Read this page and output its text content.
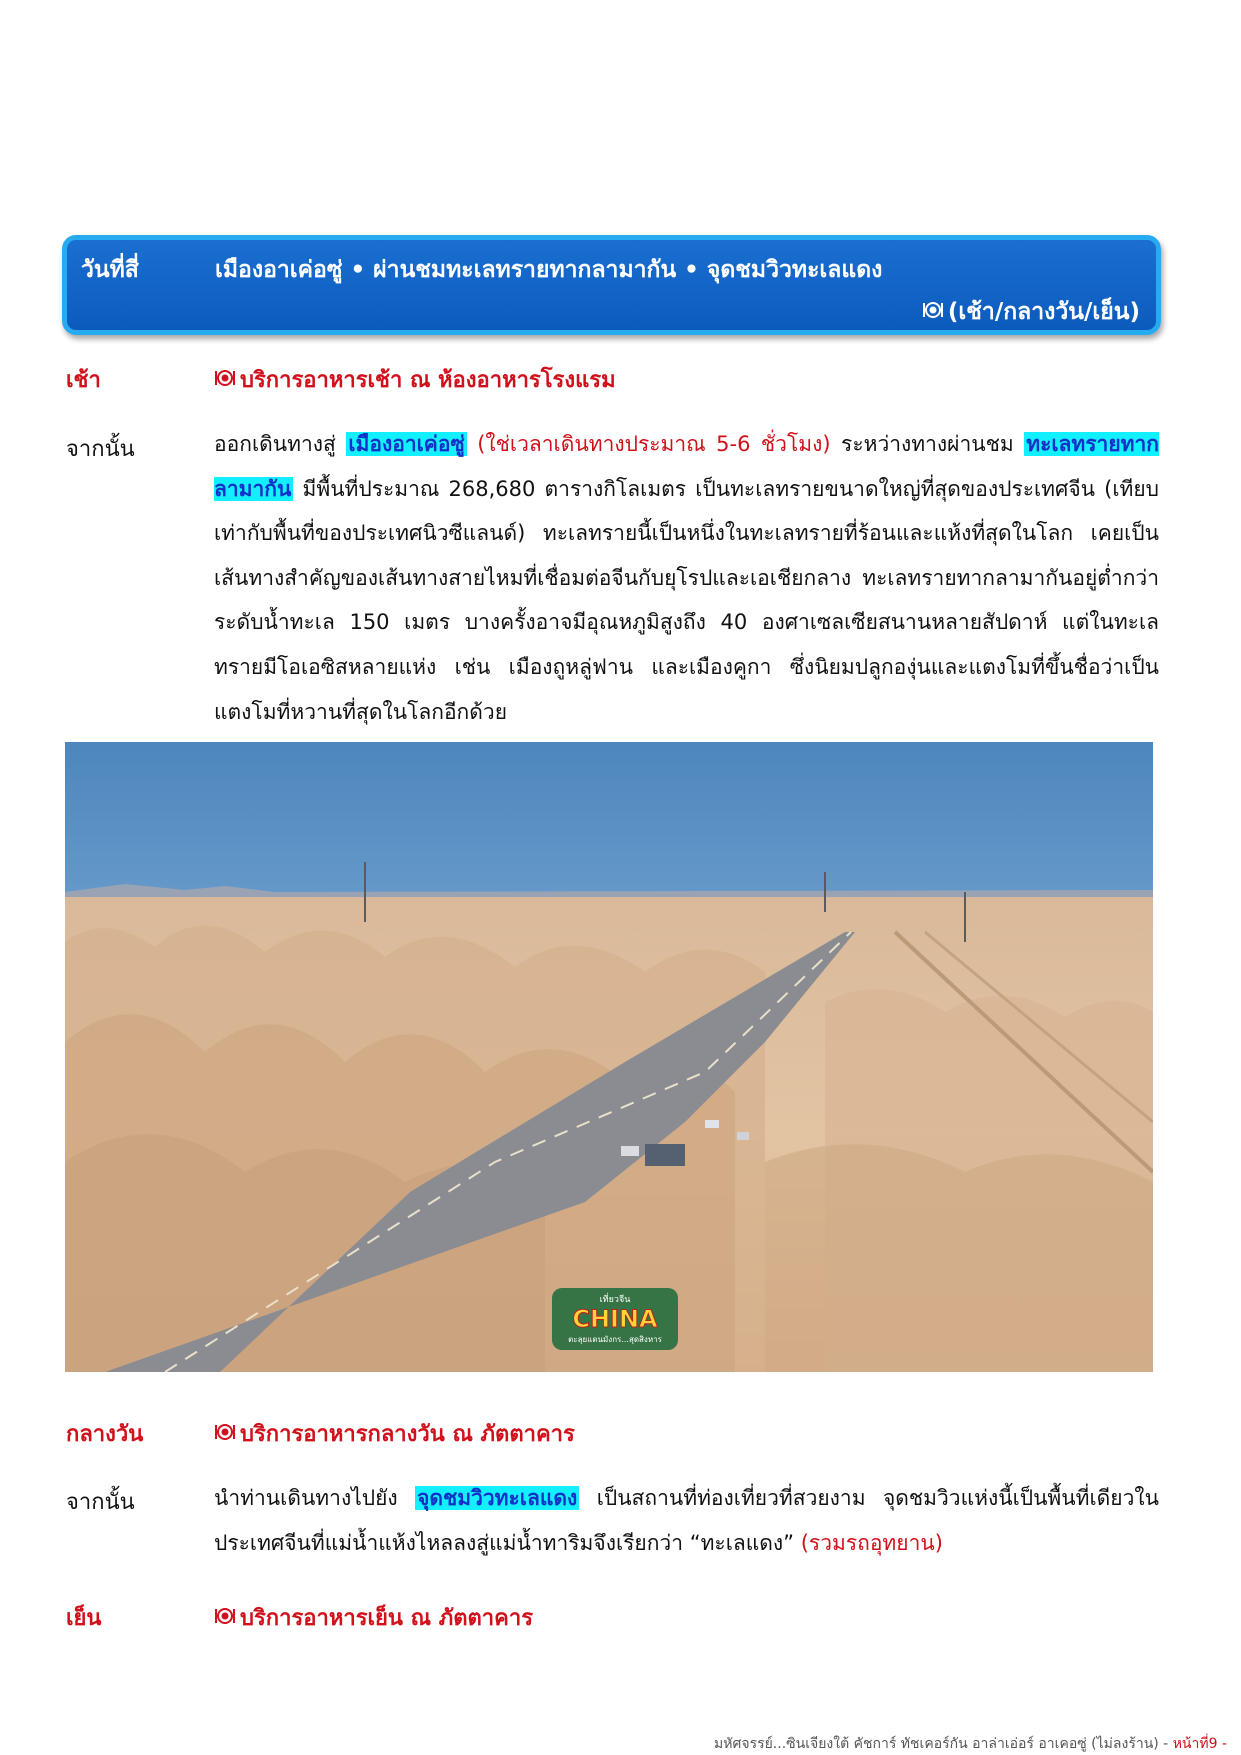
วันที่สี่	เมืองอาเค่อซู่ • ผ่านชมทะเลทรายทากลามากัน • จุดชมวิวทะเลแดง
(เช้า/กลางวัน/เย็น)
เช้า	บริการอาหารเช้า ณ ห้องอาหารโรงแรม
จากนั้น	ออกเดินทางสู่ เมืองอาเค่อซู่ (ใช่เวลาเดินทางประมาณ 5-6 ชั่วโมง) ระหว่างทางผ่านชม ทะเลทรายทากลามากัน มีพื้นที่ประมาณ 268,680 ตารางกิโลเมตร เป็นทะเลทรายขนาดใหญ่ที่สุดของประเทศจีน (เทียบเท่ากับพื้นที่ของประเทศนิวซีแลนด์) ทะเลทรายนี้เป็นหนึ่งในทะเลทรายที่ร้อนและแห้งที่สุดในโลก เคยเป็นเส้นทางสำคัญของเส้นทางสายไหมที่เชื่อมต่อจีนกับยุโรปและเอเชียกลาง ทะเลทรายทากลามากันอยู่ต่ำกว่าระดับน้ำทะเล 150 เมตร บางครั้งอาจมีอุณหภูมิสูงถึง 40 องศาเซลเซียสนานหลายสัปดาห์ แต่ในทะเลทรายมีโอเอซิสหลายแห่ง เช่น เมืองถูหลู่ฟาน และเมืองคูกา ซึ่งนิยมปลูกองุ่นและแตงโมที่ขึ้นชื่อว่าเป็นแตงโมที่หวานที่สุดในโลกอีกด้วย
เที่ยวจีน
CHINA
ตะลุยแดนมังกร...สุดสิงหาร
กลางวัน	บริการอาหารกลางวัน ณ ภัตตาคาร
จากนั้น	นำท่านเดินทางไปยัง จุดชมวิวทะเลแดง เป็นสถานที่ท่องเที่ยวที่สวยงาม จุดชมวิวแห่งนี้เป็นพื้นที่เดียวในประเทศจีนที่แม่น้ำแห้งไหลลงสู่แม่น้ำทาริมจึงเรียกว่า “ทะเลแดง” (รวมรถอุทยาน)
เย็น	บริการอาหารเย็น ณ ภัตตาคาร
มหัศจรรย์...ซินเจียงใต้ คัชการ์ ทัชเคอร์กัน อาล่าเอ่อร์ อาเคอซู่ (ไม่ลงร้าน) - หน้าที่9 -
